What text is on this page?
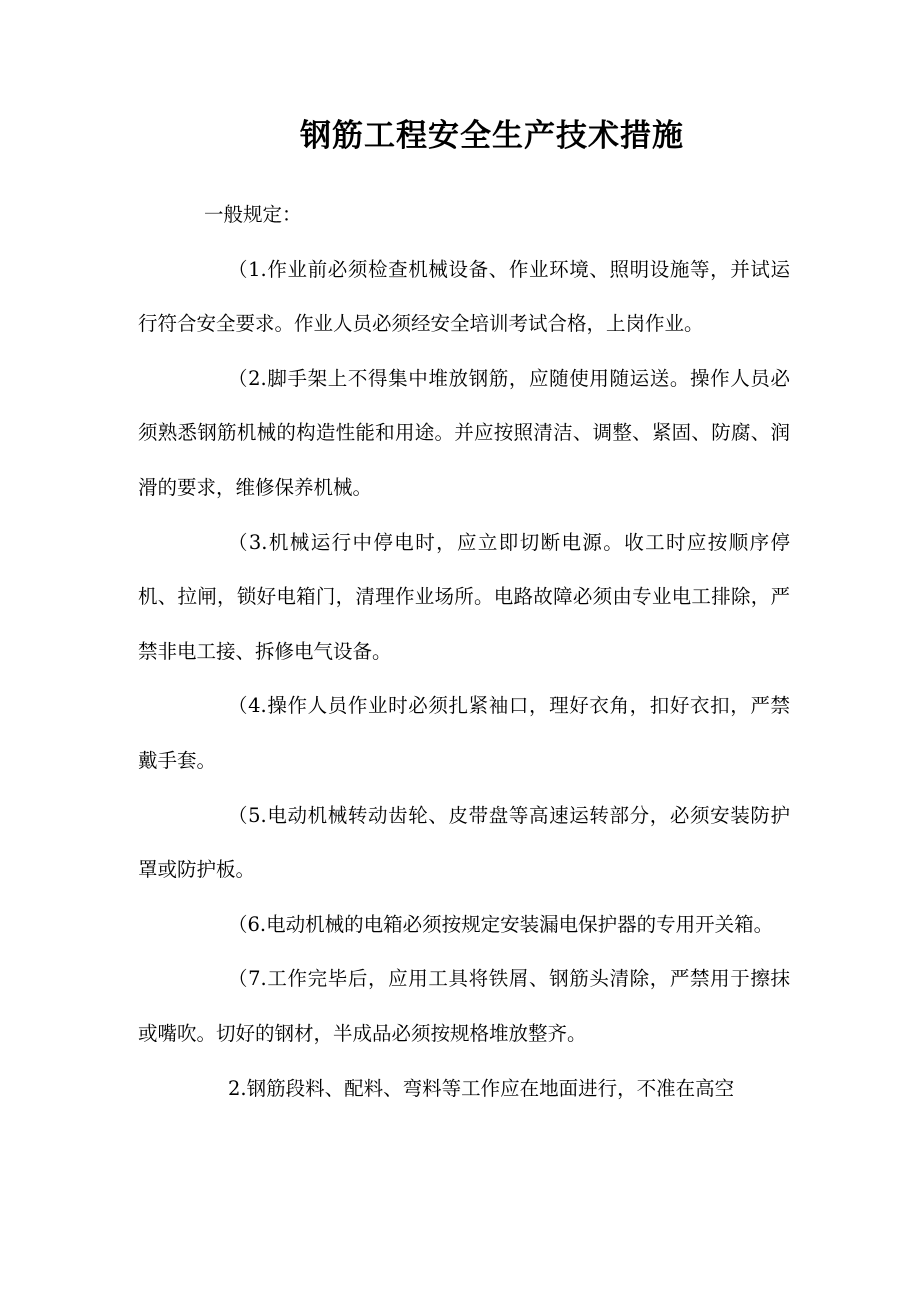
钢筋工程安全生产技术措施

一般规定：

（1.作业前必须检查机械设备、作业环境、照明设施等，并试运行符合安全要求。作业人员必须经安全培训考试合格，上岗作业。

（2.脚手架上不得集中堆放钢筋，应随使用随运送。操作人员必须熟悉钢筋机械的构造性能和用途。并应按照清洁、调整、紧固、防腐、润滑的要求，维修保养机械。

（3.机械运行中停电时，应立即切断电源。收工时应按顺序停机、拉闸，锁好电箱门，清理作业场所。电路故障必须由专业电工排除，严禁非电工接、拆修电气设备。

（4.操作人员作业时必须扎紧袖口，理好衣角，扣好衣扣，严禁戴手套。

（5.电动机械转动齿轮、皮带盘等高速运转部分，必须安装防护罩或防护板。

（6.电动机械的电箱必须按规定安装漏电保护器的专用开关箱。

（7.工作完毕后，应用工具将铁屑、钢筋头清除，严禁用于擦抹或嘴吹。切好的钢材，半成品必须按规格堆放整齐。

2.钢筋段料、配料、弯料等工作应在地面进行，不准在高空
